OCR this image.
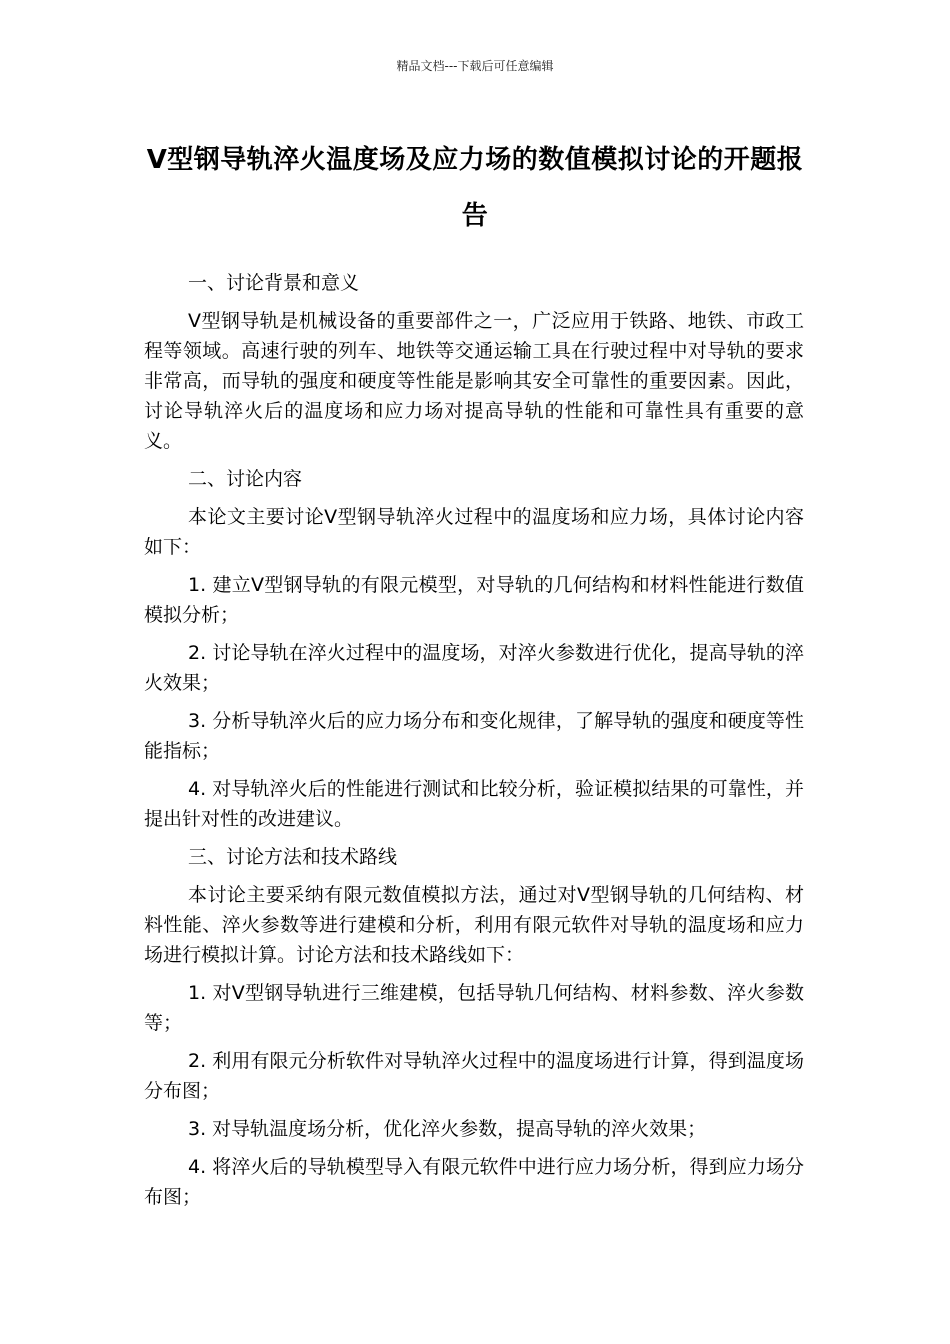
精品文档---下载后可任意编辑
V型钢导轨淬火温度场及应力场的数值模拟讨论的开题报告
一、讨论背景和意义

V型钢导轨是机械设备的重要部件之一，广泛应用于铁路、地铁、市政工程等领域。高速行驶的列车、地铁等交通运输工具在行驶过程中对导轨的要求非常高，而导轨的强度和硬度等性能是影响其安全可靠性的重要因素。因此，讨论导轨淬火后的温度场和应力场对提高导轨的性能和可靠性具有重要的意义。

二、讨论内容

本论文主要讨论V型钢导轨淬火过程中的温度场和应力场，具体讨论内容如下：

1. 建立V型钢导轨的有限元模型，对导轨的几何结构和材料性能进行数值模拟分析；

2. 讨论导轨在淬火过程中的温度场，对淬火参数进行优化，提高导轨的淬火效果；

3. 分析导轨淬火后的应力场分布和变化规律，了解导轨的强度和硬度等性能指标；

4. 对导轨淬火后的性能进行测试和比较分析，验证模拟结果的可靠性，并提出针对性的改进建议。

三、讨论方法和技术路线

本讨论主要采纳有限元数值模拟方法，通过对V型钢导轨的几何结构、材料性能、淬火参数等进行建模和分析，利用有限元软件对导轨的温度场和应力场进行模拟计算。讨论方法和技术路线如下：

1. 对V型钢导轨进行三维建模，包括导轨几何结构、材料参数、淬火参数等；

2. 利用有限元分析软件对导轨淬火过程中的温度场进行计算，得到温度场分布图；

3. 对导轨温度场分析，优化淬火参数，提高导轨的淬火效果；

4. 将淬火后的导轨模型导入有限元软件中进行应力场分析，得到应力场分布图；
